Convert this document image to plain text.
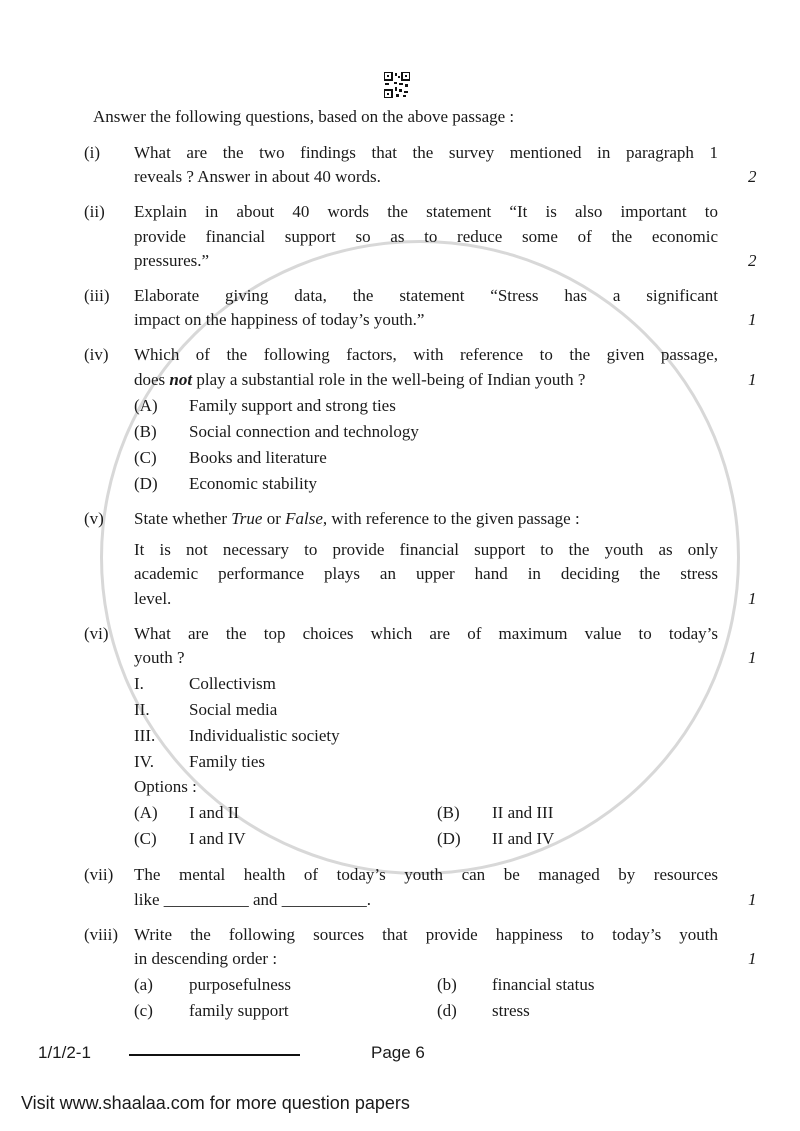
Answer the following questions, based on the above passage :
(i) What are the two findings that the survey mentioned in paragraph 1
reveals ? Answer in about 40 words.	2
(ii) Explain in about 40 words the statement “It is also important to
provide financial support so as to reduce some of the economic
pressures.”	2
(iii) Elaborate giving data, the statement “Stress has a significant
impact on the happiness of today’s youth.”	1
(iv) Which of the following factors, with reference to the given passage,
does not play a substantial role in the well-being of Indian youth ?	1
(A) Family support and strong ties
(B) Social connection and technology
(C) Books and literature
(D) Economic stability
(v) State whether True or False, with reference to the given passage :
It is not necessary to provide financial support to the youth as only
academic performance plays an upper hand in deciding the stress
level.	1
(vi) What are the top choices which are of maximum value to today’s
youth ?	1
I.	Collectivism
II. Social media
III. Individualistic society
IV. Family ties
Options :
(A) I and II	(B) II and III
(C) I and IV	(D) II and IV
(vii) The mental health of today’s youth can be managed by resources
like __________ and __________.	1
(viii) Write the following sources that provide happiness to today’s youth
in descending order :	1
(a) purposefulness	(b) financial status
(c) family support	(d) stress
1/1/2-1	Page 6
Visit www.shaalaa.com for more question papers
